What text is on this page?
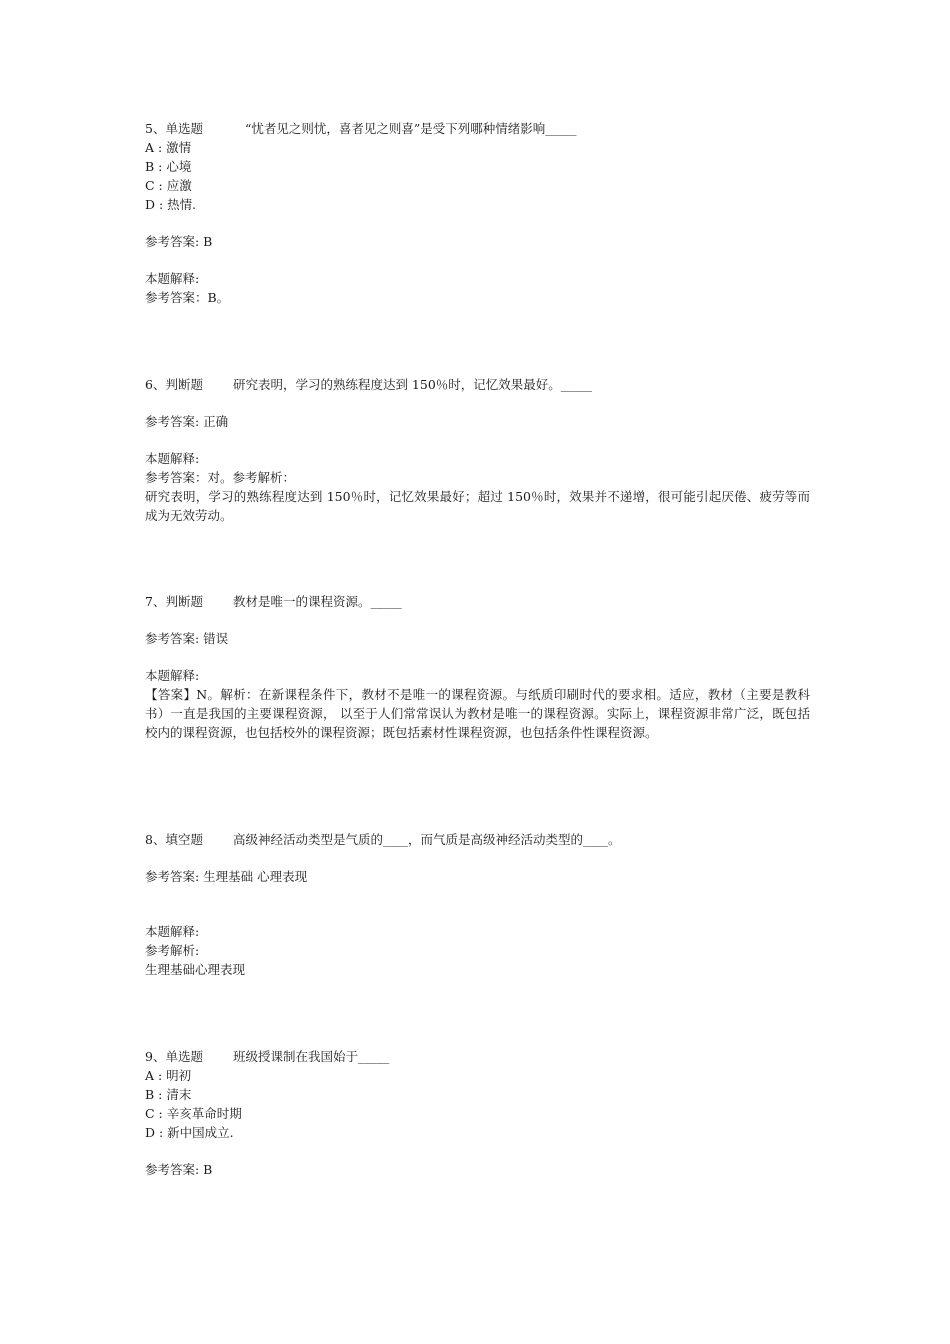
5、单选题	“忧者见之则忧，喜者见之则喜”是受下列哪种情绪影响_____
A : 激情
B : 心境
C : 应激
D : 热情.
参考答案: B
本题解释:
参考答案：B。
6、判断题 研究表明，学习的熟练程度达到 150％时，记忆效果最好。_____
参考答案: 正确
本题解释:
参考答案：对。参考解析：
研究表明，学习的熟练程度达到 150％时，记忆效果最好；超过 150％时，效果并不递增，很可能引起厌倦、疲劳等而成为无效劳动。
7、判断题 教材是唯一的课程资源。_____
参考答案: 错误
本题解释:
【答案】N。解析：在新课程条件下，教材不是唯一的课程资源。与纸质印刷时代的要求相。适应，教材（主要是教科书）一直是我国的主要课程资源， 以至于人们常常误认为教材是唯一的课程资源。实际上，课程资源非常广泛，既包括校内的课程资源，也包括校外的课程资源；既包括素材性课程资源，也包括条件性课程资源。
8、填空题 高级神经活动类型是气质的____，而气质是高级神经活动类型的____。
参考答案: 生理基础 心理表现
本题解释:
参考解析:
生理基础心理表现
9、单选题 班级授课制在我国始于_____
A : 明初
B : 清末
C : 辛亥革命时期
D : 新中国成立.
参考答案: B
